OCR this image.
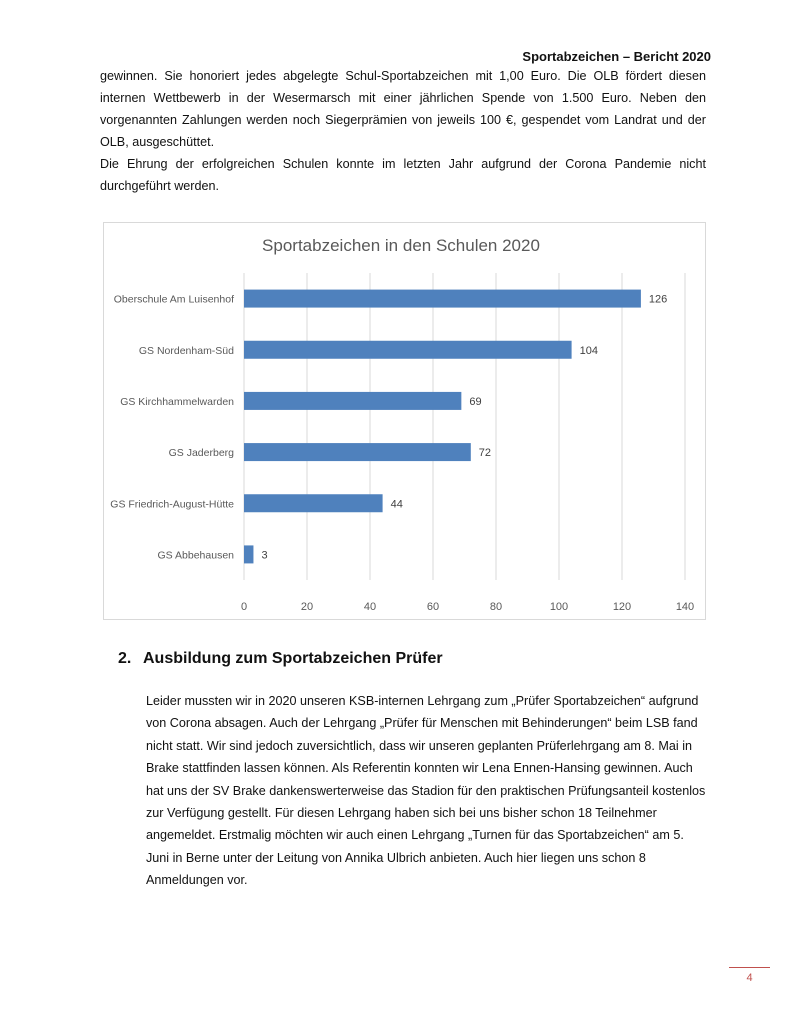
Sportabzeichen – Bericht 2020

gewinnen. Sie honoriert jedes abgelegte Schul-Sportabzeichen mit 1,00 Euro. Die OLB fördert diesen internen Wettbewerb in der Wesermarsch mit einer jährlichen Spende von 1.500 Euro. Neben den vorgenannten Zahlungen werden noch Siegerprämien von jeweils 100 €, gespendet vom Landrat und der OLB, ausgeschüttet.

Die Ehrung der erfolgreichen Schulen konnte im letzten Jahr aufgrund der Corona Pandemie nicht durchgeführt werden.

Sportabzeichen in den Schulen 2020
Oberschule Am Luisenhof	126
GS Nordenham-Süd	104
GS Kirchhammelwarden	69
GS Jaderberg	72
GS Friedrich-August-Hütte	44
GS Abbehausen 3
0	20	40	60	80	100	120	140
2. Ausbildung zum Sportabzeichen Prüfer

Leider mussten wir in 2020 unseren KSB-internen Lehrgang zum „Prüfer Sportabzeichen“ aufgrund von Corona absagen. Auch der Lehrgang „Prüfer für Menschen mit Behinderungen“ beim LSB fand nicht statt. Wir sind jedoch zuversichtlich, dass wir unseren geplanten Prüferlehrgang am 8. Mai in Brake stattfinden lassen können. Als Referentin konnten wir Lena Ennen-Hansing gewinnen. Auch hat uns der SV Brake dankenswerterweise das Stadion für den praktischen Prüfungsanteil kostenlos zur Verfügung gestellt. Für diesen Lehrgang haben sich bei uns bisher schon 18 Teilnehmer angemeldet. Erstmalig möchten wir auch einen Lehrgang „Turnen für das Sportabzeichen“ am 5. Juni in Berne unter der Leitung von Annika Ulbrich anbieten. Auch hier liegen uns schon 8 Anmeldungen vor.

4
